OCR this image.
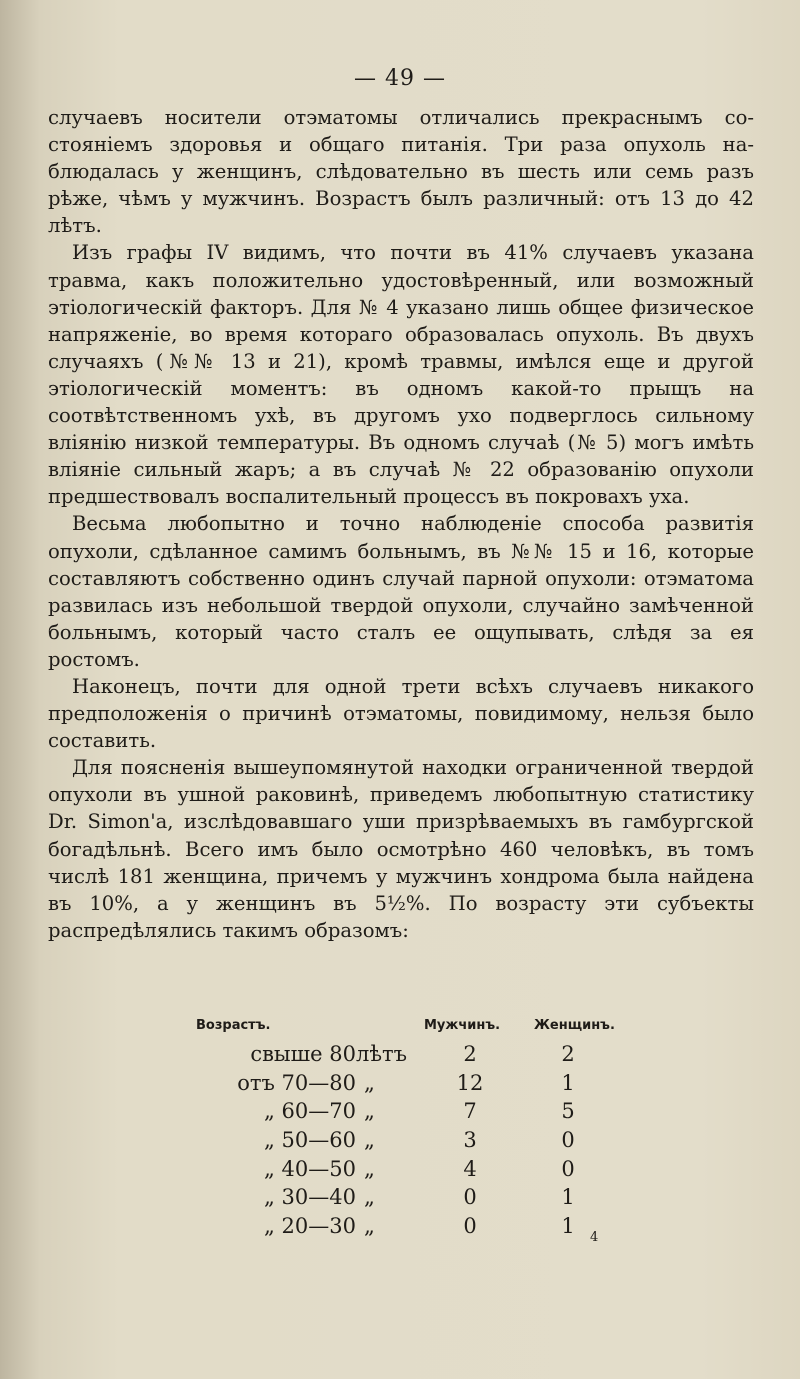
— 49 —

случаевъ носители отэматомы отличались прекраснымъ состояніемъ здоровья и общаго питанія. Три раза опухоль наблюдалась у женщинъ, слѣдовательно въ шесть или семь разъ рѣже, чѣмъ у мужчинъ. Возрастъ былъ различный: отъ 13 до 42 лѣтъ.

Изъ графы IV видимъ, что почти въ 41% случаевъ указана травма, какъ положительно удостовѣренный, или возможный этіологическій факторъ. Для № 4 указано лишь общее физическое напряженіе, во время котораго образовалась опухоль. Въ двухъ случаяхъ (№№ 13 и 21), кромѣ травмы, имѣлся еще и другой этіологическій моментъ: въ одномъ какой-то прыщъ на соотвѣтственномъ ухѣ, въ другомъ ухо подверглось сильному вліянію низкой температуры. Въ одномъ случаѣ (№ 5) могъ имѣть вліяніе сильный жаръ; а въ случаѣ № 22 образованію опухоли предшествовалъ воспалительный процессъ въ покровахъ уха.

Весьма любопытно и точно наблюденіе способа развитія опухоли, сдѣланное самимъ больнымъ, въ №№ 15 и 16, которые составляютъ собственно одинъ случай парной опухоли: отэматома развилась изъ небольшой твердой опухоли, случайно замѣченной больнымъ, который часто сталъ ее ощупывать, слѣдя за ея ростомъ.

Наконецъ, почти для одной трети всѣхъ случаевъ никакого предположенія о причинѣ отэматомы, повидимому, нельзя было составить.

Для поясненія вышеупомянутой находки ограниченной твердой опухоли въ ушной раковинѣ, приведемъ любопытную статистику Dr. Simon'a, изслѣдовавшаго уши призрѣваемыхъ въ гамбургской богадѣльнѣ. Всего имъ было осмотрѣно 460 человѣкъ, въ томъ числѣ 181 женщина, причемъ у мужчинъ хондрома была найдена въ 10%, а у женщинъ въ 5½%. По возрасту эти субъекты распредѣлялись такимъ образомъ:

Возрастъ.	Мужчинъ.	Женщинъ.
свыше 80 лѣтъ	2	2
отъ 70—80 „	12	1
„ 60—70 „	7	5
„ 50—60 „	3	0
„ 40—50 „	4	0
„ 30—40 „	0	1
„ 20—30 „	0	1	4
